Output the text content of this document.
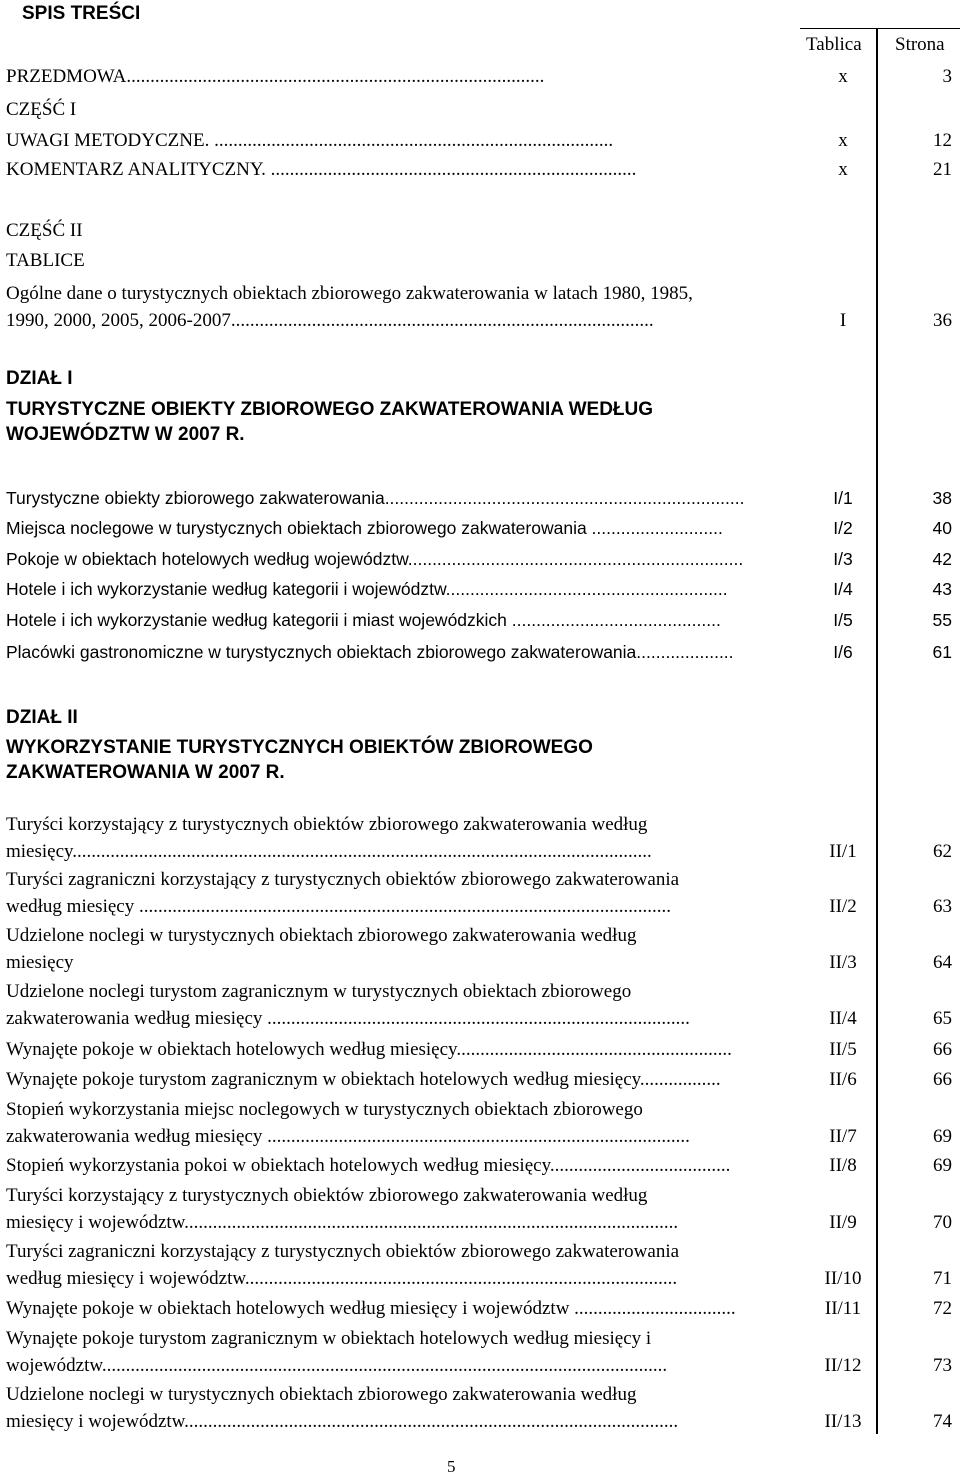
SPIS TREŚCI
Tablica Strona
PRZEDMOWA........................................................................................	x	3
CZĘŚĆ I
UWAGI METODYCZNE. ....................................................................................	x	12
KOMENTARZ ANALITYCZNY. .............................................................................	x	21
CZĘŚĆ II
TABLICE
Ogólne dane o turystycznych obiektach zbiorowego zakwaterowania w latach 1980, 1985,
1990, 2000, 2005, 2006-2007.........................................................................................	I	36
DZIAŁ I
TURYSTYCZNE OBIEKTY ZBIOROWEGO ZAKWATEROWANIA WEDŁUG
WOJEWÓDZTW W 2007 R.
Turystyczne obiekty zbiorowego zakwaterowania..........................................................................	I/1	38
Miejsca noclegowe w turystycznych obiektach zbiorowego zakwaterowania ...........................	I/2	40
Pokoje w obiektach hotelowych według województw.....................................................................	I/3	42
Hotele i ich wykorzystanie według kategorii i województw..........................................................	I/4	43
Hotele i ich wykorzystanie według kategorii i miast wojewódzkich ...........................................	I/5	55
Placówki gastronomiczne w turystycznych obiektach zbiorowego zakwaterowania....................	I/6	61
DZIAŁ II
WYKORZYSTANIE TURYSTYCZNYCH OBIEKTÓW ZBIOROWEGO
ZAKWATEROWANIA W 2007 R.
Turyści korzystający z turystycznych obiektów zbiorowego zakwaterowania według
miesięcy..........................................................................................................................	II/1	62
Turyści zagraniczni korzystający z turystycznych obiektów zbiorowego zakwaterowania
według miesięcy ................................................................................................................	II/2	63
Udzielone noclegi w turystycznych obiektach zbiorowego zakwaterowania według
miesięcy	II/3	64
Udzielone noclegi turystom zagranicznym w turystycznych obiektach zbiorowego
zakwaterowania według miesięcy .........................................................................................	II/4	65
Wynajęte pokoje w obiektach hotelowych według miesięcy..........................................................	II/5	66
Wynajęte pokoje turystom zagranicznym w obiektach hotelowych według miesięcy.................	II/6	66
Stopień wykorzystania miejsc noclegowych w turystycznych obiektach zbiorowego
zakwaterowania według miesięcy .........................................................................................	II/7	69
Stopień wykorzystania pokoi w obiektach hotelowych według miesięcy......................................	II/8	69
Turyści korzystający z turystycznych obiektów zbiorowego zakwaterowania według
miesięcy i województw........................................................................................................	II/9	70
Turyści zagraniczni korzystający z turystycznych obiektów zbiorowego zakwaterowania
według miesięcy i województw...........................................................................................	II/10	71
Wynajęte pokoje w obiektach hotelowych według miesięcy i województw ..................................	II/11	72
Wynajęte pokoje turystom zagranicznym w obiektach hotelowych według miesięcy i
województw.......................................................................................................................	II/12	73
Udzielone noclegi w turystycznych obiektach zbiorowego zakwaterowania według
miesięcy i województw........................................................................................................	II/13	74
5
